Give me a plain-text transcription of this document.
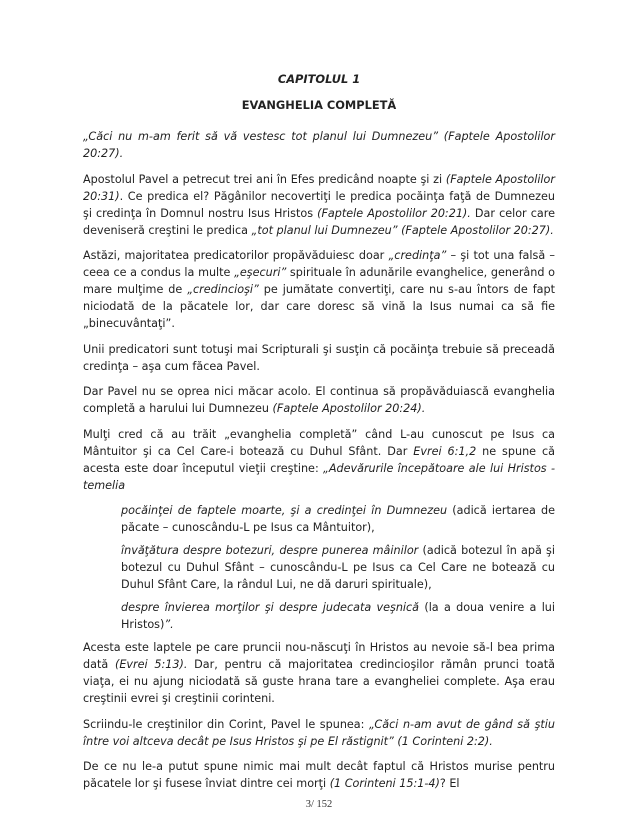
CAPITOLUL 1
EVANGHELIA COMPLETĂ

„Căci nu m-am ferit să vă vestesc tot planul lui Dumnezeu” (Faptele Apostolilor 20:27).

Apostolul Pavel a petrecut trei ani în Efes predicând noapte şi zi (Faptele Apostolilor 20:31). Ce predica el? Păgânilor necovertiţi le predica pocăinţa faţă de Dumnezeu şi credinţa în Domnul nostru Isus Hristos (Faptele Apostolilor 20:21). Dar celor care deveniseră creştini le predica „tot planul lui Dumnezeu” (Faptele Apostolilor 20:27).

Astăzi, majoritatea predicatorilor propăvăduiesc doar „credinţa” – şi tot una falsă – ceea ce a condus la multe „eşecuri” spirituale în adunările evanghelice, generând o mare mulţime de „credincioşi” pe jumătate convertiţi, care nu s-au întors de fapt niciodată de la păcatele lor, dar care doresc să vină la Isus numai ca să fie „binecuvântaţi”.

Unii predicatori sunt totuşi mai Scripturali şi susţin că pocăinţa trebuie să preceadă credinţa – aşa cum făcea Pavel.

Dar Pavel nu se oprea nici măcar acolo. El continua să propăvăduiască evanghelia completă a harului lui Dumnezeu (Faptele Apostolilor 20:24).

Mulţi cred că au trăit „evanghelia completă” când L-au cunoscut pe Isus ca Mântuitor şi ca Cel Care-i botează cu Duhul Sfânt. Dar Evrei 6:1,2 ne spune că acesta este doar începutul vieţii creştine: „Adevărurile începătoare ale lui Hristos - temelia

pocăinţei de faptele moarte, şi a credinţei în Dumnezeu (adică iertarea de păcate – cunoscându-L pe Isus ca Mântuitor),

învăţătura despre botezuri, despre punerea mâinilor (adică botezul în apă şi botezul cu Duhul Sfânt – cunoscându-L pe Isus ca Cel Care ne botează cu Duhul Sfânt Care, la rândul Lui, ne dă daruri spirituale),

despre învierea morţilor şi despre judecata veşnică (la a doua venire a lui Hristos)”.

Acesta este laptele pe care pruncii nou-născuţi în Hristos au nevoie să-l bea prima dată (Evrei 5:13). Dar, pentru că majoritatea credincioşilor rămân prunci toată viaţa, ei nu ajung niciodată să guste hrana tare a evangheliei complete. Aşa erau creştinii evrei şi creştinii corinteni.

Scriindu-le creştinilor din Corint, Pavel le spunea: „Căci n-am avut de gând să ştiu între voi altceva decât pe Isus Hristos şi pe El răstignit” (1 Corinteni 2:2).

De ce nu le-a putut spune nimic mai mult decât faptul că Hristos murise pentru păcatele lor şi fusese înviat dintre cei morţi (1 Corinteni 15:1-4)? El

3/ 152
